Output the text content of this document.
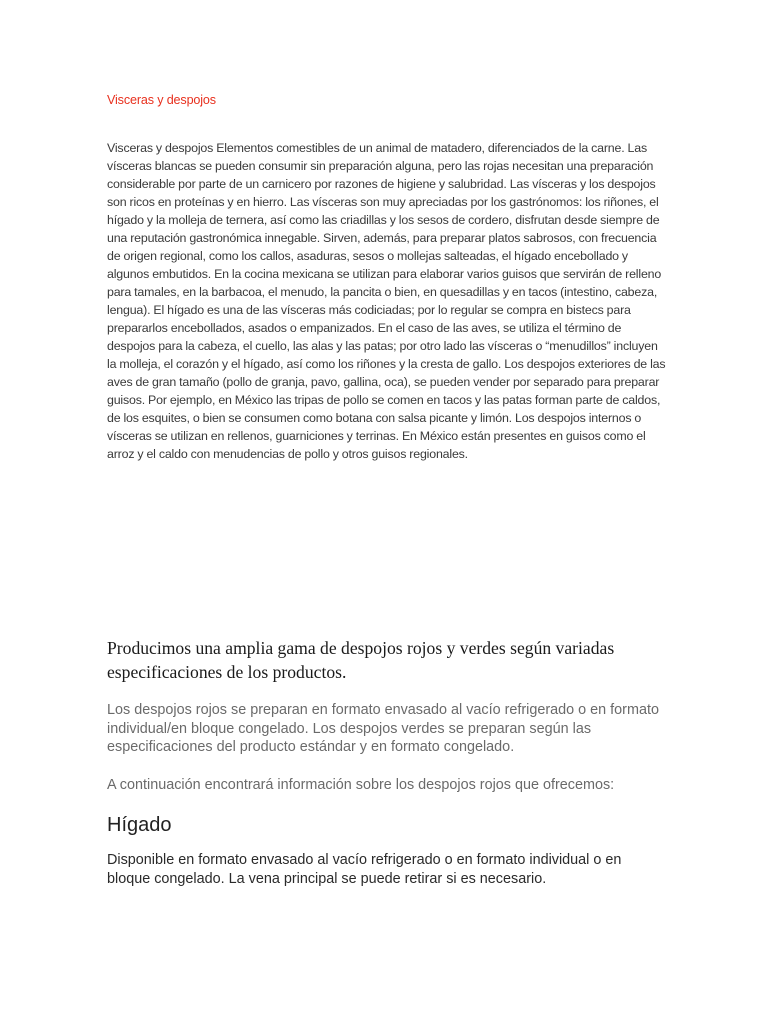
Visceras y despojos

Visceras y despojos Elementos comestibles de un animal de matadero, diferenciados de la carne. Las vísceras blancas se pueden consumir sin preparación alguna, pero las rojas necesitan una preparación considerable por parte de un carnicero por razones de higiene y salubridad. Las vísceras y los despojos son ricos en proteínas y en hierro. Las vísceras son muy apreciadas por los gastrónomos: los riñones, el hígado y la molleja de ternera, así como las criadillas y los sesos de cordero, disfrutan desde siempre de una reputación gastronómica innegable. Sirven, además, para preparar platos sabrosos, con frecuencia de origen regional, como los callos, asaduras, sesos o mollejas salteadas, el hígado encebollado y algunos embutidos. En la cocina mexicana se utilizan para elaborar varios guisos que servirán de relleno para tamales, en la barbacoa, el menudo, la pancita o bien, en quesadillas y en tacos (intestino, cabeza, lengua). El hígado es una de las vísceras más codiciadas; por lo regular se compra en bistecs para prepararlos encebollados, asados o empanizados. En el caso de las aves, se utiliza el término de despojos para la cabeza, el cuello, las alas y las patas; por otro lado las vísceras o “menudillos” incluyen la molleja, el corazón y el hígado, así como los riñones y la cresta de gallo. Los despojos exteriores de las aves de gran tamaño (pollo de granja, pavo, gallina, oca), se pueden vender por separado para preparar guisos. Por ejemplo, en México las tripas de pollo se comen en tacos y las patas forman parte de caldos, de los esquites, o bien se consumen como botana con salsa picante y limón. Los despojos internos o vísceras se utilizan en rellenos, guarniciones y terrinas. En México están presentes en guisos como el arroz y el caldo con menudencias de pollo y otros guisos regionales.

Producimos una amplia gama de despojos rojos y verdes según variadas especificaciones de los productos.

Los despojos rojos se preparan en formato envasado al vacío refrigerado o en formato individual/en bloque congelado. Los despojos verdes se preparan según las especificaciones del producto estándar y en formato congelado.

A continuación encontrará información sobre los despojos rojos que ofrecemos:

Hígado

Disponible en formato envasado al vacío refrigerado o en formato individual o en bloque congelado. La vena principal se puede retirar si es necesario.
